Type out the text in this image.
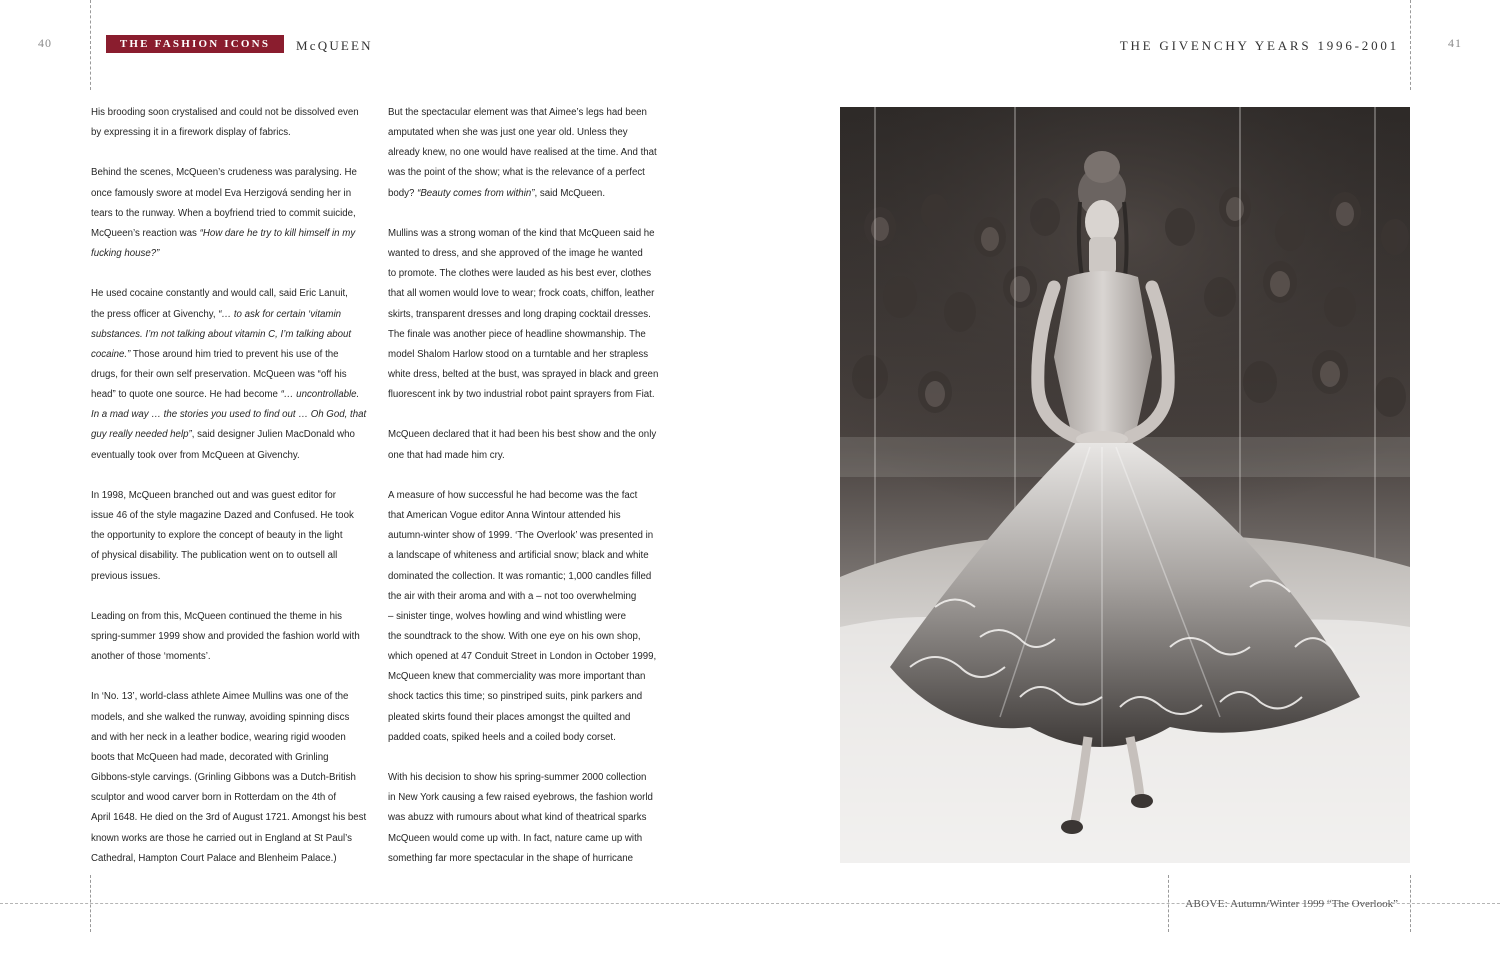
40	THE FASHION ICONS	McQUEEN	THE GIVENCHY YEARS 1996-2001	41

His brooding soon crystalised and could not be dissolved even
by expressing it in a firework display of fabrics.

Behind the scenes, McQueen’s crudeness was paralysing. He
once famously swore at model Eva Herzigová sending her in
tears to the runway. When a boyfriend tried to commit suicide,
McQueen’s reaction was “How dare he try to kill himself in my
fucking house?”

He used cocaine constantly and would call, said Eric Lanuit,
the press officer at Givenchy, “… to ask for certain ‘vitamin
substances. I’m not talking about vitamin C, I’m talking about
cocaine.” Those around him tried to prevent his use of the
drugs, for their own self preservation. McQueen was “off his
head” to quote one source. He had become “… uncontrollable.
In a mad way … the stories you used to find out … Oh God, that
guy really needed help”, said designer Julien MacDonald who
eventually took over from McQueen at Givenchy.

In 1998, McQueen branched out and was guest editor for
issue 46 of the style magazine Dazed and Confused. He took
the opportunity to explore the concept of beauty in the light
of physical disability. The publication went on to outsell all
previous issues.

Leading on from this, McQueen continued the theme in his
spring-summer 1999 show and provided the fashion world with
another of those ‘moments’.

In ‘No. 13’, world-class athlete Aimee Mullins was one of the
models, and she walked the runway, avoiding spinning discs
and with her neck in a leather bodice, wearing rigid wooden
boots that McQueen had made, decorated with Grinling
Gibbons-style carvings. (Grinling Gibbons was a Dutch-British
sculptor and wood carver born in Rotterdam on the 4th of
April 1648. He died on the 3rd of August 1721. Amongst his best
known works are those he carried out in England at St Paul’s
Cathedral, Hampton Court Palace and Blenheim Palace.)

But the spectacular element was that Aimee’s legs had been
amputated when she was just one year old. Unless they
already knew, no one would have realised at the time. And that
was the point of the show; what is the relevance of a perfect
body? “Beauty comes from within”, said McQueen.

Mullins was a strong woman of the kind that McQueen said he
wanted to dress, and she approved of the image he wanted
to promote. The clothes were lauded as his best ever, clothes
that all women would love to wear; frock coats, chiffon, leather
skirts, transparent dresses and long draping cocktail dresses.
The finale was another piece of headline showmanship. The
model Shalom Harlow stood on a turntable and her strapless
white dress, belted at the bust, was sprayed in black and green
fluorescent ink by two industrial robot paint sprayers from Fiat.

McQueen declared that it had been his best show and the only
one that had made him cry.

A measure of how successful he had become was the fact
that American Vogue editor Anna Wintour attended his
autumn-winter show of 1999. ‘The Overlook’ was presented in
a landscape of whiteness and artificial snow; black and white
dominated the collection. It was romantic; 1,000 candles filled
the air with their aroma and with a – not too overwhelming
– sinister tinge, wolves howling and wind whistling were
the soundtrack to the show. With one eye on his own shop,
which opened at 47 Conduit Street in London in October 1999,
McQueen knew that commerciality was more important than
shock tactics this time; so pinstriped suits, pink parkers and
pleated skirts found their places amongst the quilted and
padded coats, spiked heels and a coiled body corset.

With his decision to show his spring-summer 2000 collection
in New York causing a few raised eyebrows, the fashion world
was abuzz with rumours about what kind of theatrical sparks
McQueen would come up with. In fact, nature came up with
something far more spectacular in the shape of hurricane

ABOVE: Autumn/Winter 1999 “The Overlook”
